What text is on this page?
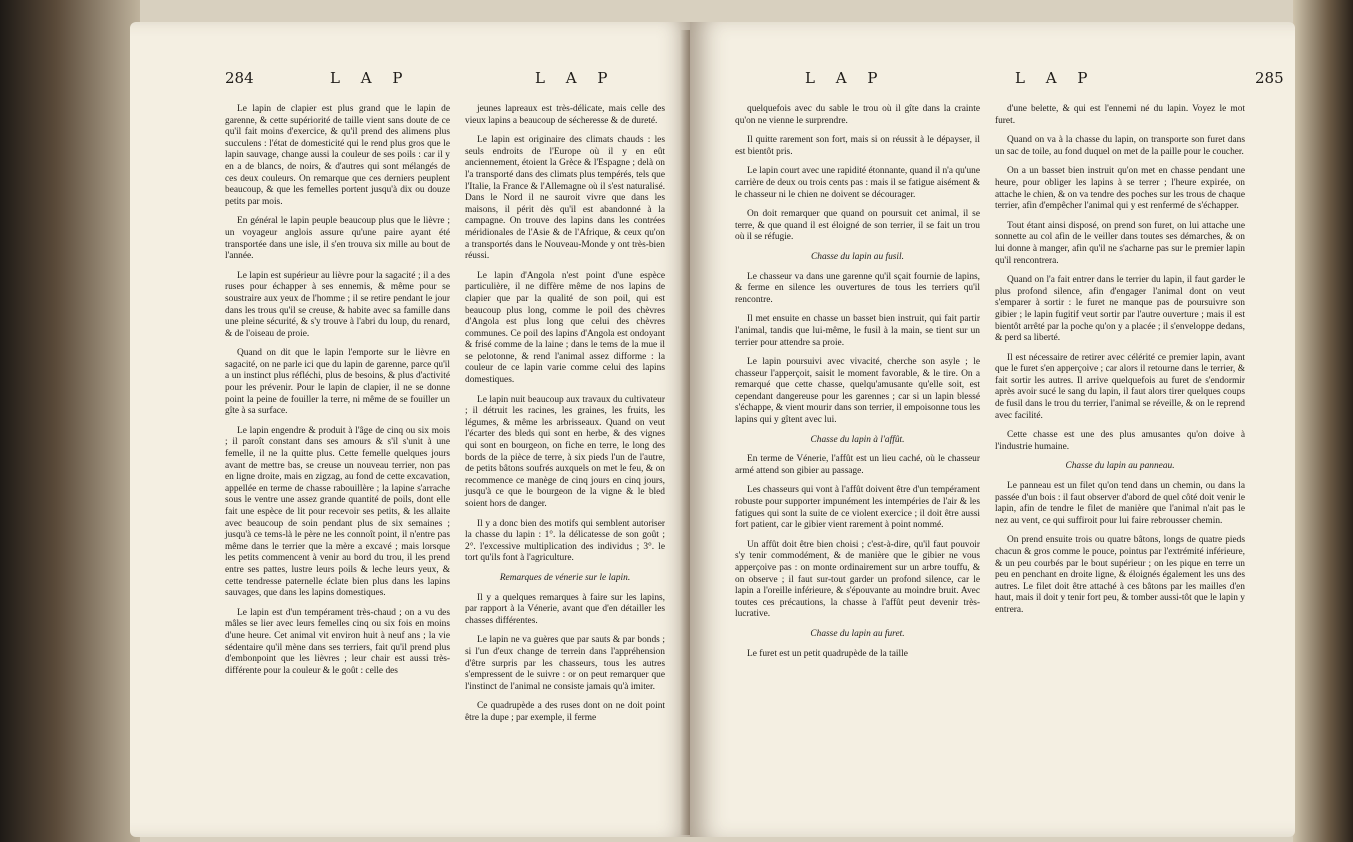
284	L A P	L A P

Le lapin de clapier est plus grand que le lapin de garenne, & cette supériorité de taille vient sans doute de ce qu'il fait moins d'exercice, & qu'il prend des alimens plus succulens : l'état de domesticité qui le rend plus gros que le lapin sauvage, change aussi la couleur de ses poils : car il y en a de blancs, de noirs, & d'autres qui sont mélangés de ces deux couleurs. On remarque que ces derniers peuplent beaucoup, & que les femelles portent jusqu'à dix ou douze petits par mois.

En général le lapin peuple beaucoup plus que le lièvre ; un voyageur anglois assure qu'une paire ayant été transportée dans une isle, il s'en trouva six mille au bout de l'année.

Le lapin est supérieur au lièvre pour la sagacité ; il a des ruses pour échapper à ses ennemis, & même pour se soustraire aux yeux de l'homme ; il se retire pendant le jour dans les trous qu'il se creuse, & habite avec sa famille dans une pleine sécurité, & s'y trouve à l'abri du loup, du renard, & de l'oiseau de proie.

Quand on dit que le lapin l'emporte sur le lièvre en sagacité, on ne parle ici que du lapin de garenne, parce qu'il a un instinct plus réfléchi, plus de besoins, & plus d'activité pour les prévenir. Pour le lapin de clapier, il ne se donne point la peine de fouiller la terre, ni même de se fouiller un gîte à sa surface.

Le lapin engendre & produit à l'âge de cinq ou six mois ; il paroît constant dans ses amours & s'il s'unit à une femelle, il ne la quitte plus. Cette femelle quelques jours avant de mettre bas, se creuse un nouveau terrier, non pas en ligne droite, mais en zigzag, au fond de cette excavation, appellée en terme de chasse rabouillère ; la lapine s'arrache sous le ventre une assez grande quantité de poils, dont elle fait une espèce de lit pour recevoir ses petits, & les allaite avec beaucoup de soin pendant plus de six semaines ; jusqu'à ce tems-là le père ne les connoît point, il n'entre pas même dans le terrier que la mère a excavé ; mais lorsque les petits commencent à venir au bord du trou, il les prend entre ses pattes, lustre leurs poils & leche leurs yeux, & cette tendresse paternelle éclate bien plus dans les lapins sauvages, que dans les lapins domestiques.

Le lapin est d'un tempérament très-chaud ; on a vu des mâles se lier avec leurs femelles cinq ou six fois en moins d'une heure. Cet animal vit environ huit à neuf ans ; la vie sédentaire qu'il mène dans ses terriers, fait qu'il prend plus d'embonpoint que les lièvres ; leur chair est aussi très-différente pour la couleur & le goût : celle des

jeunes lapreaux est très-délicate, mais celle des vieux lapins a beaucoup de sécheresse & de dureté.

Le lapin est originaire des climats chauds : les seuls endroits de l'Europe où il y en eût anciennement, étoient la Grèce & l'Espagne ; delà on l'a transporté dans des climats plus tempérés, tels que l'Italie, la France & l'Allemagne où il s'est naturalisé. Dans le Nord il ne sauroit vivre que dans les maisons, il périt dès qu'il est abandonné à la campagne. On trouve des lapins dans les contrées méridionales de l'Asie & de l'Afrique, & ceux qu'on a transportés dans le Nouveau-Monde y ont très-bien réussi.

Le lapin d'Angola n'est point d'une espèce particulière, il ne diffère même de nos lapins de clapier que par la qualité de son poil, qui est beaucoup plus long, comme le poil des chèvres d'Angola est plus long que celui des chèvres communes. Ce poil des lapins d'Angola est ondoyant & frisé comme de la laine ; dans le tems de la mue il se pelotonne, & rend l'animal assez difforme : la couleur de ce lapin varie comme celui des lapins domestiques.

Le lapin nuit beaucoup aux travaux du cultivateur ; il détruit les racines, les graines, les fruits, les légumes, & même les arbrisseaux. Quand on veut l'écarter des bleds qui sont en herbe, & des vignes qui sont en bourgeon, on fiche en terre, le long des bords de la pièce de terre, à six pieds l'un de l'autre, de petits bâtons soufrés auxquels on met le feu, & on recommence ce manège de cinq jours en cinq jours, jusqu'à ce que le bourgeon de la vigne & le bled soient hors de danger.

Il y a donc bien des motifs qui semblent autoriser la chasse du lapin : 1°. la délicatesse de son goût ; 2°. l'excessive multiplication des individus ; 3°. le tort qu'ils font à l'agriculture.

Remarques de vénerie sur le lapin.

Il y a quelques remarques à faire sur les lapins, par rapport à la Vénerie, avant que d'en détailler les chasses différentes.

Le lapin ne va guères que par sauts & par bonds ; si l'un d'eux change de terrein dans l'appréhension d'être surpris par les chasseurs, tous les autres s'empressent de le suivre : or on peut remarquer que l'instinct de l'animal ne consiste jamais qu'à imiter.

Ce quadrupède a des ruses dont on ne doit point être la dupe ; par exemple, il ferme

L A P	L A P	285

quelquefois avec du sable le trou où il gîte dans la crainte qu'on ne vienne le surprendre.

Il quitte rarement son fort, mais si on réussit à le dépayser, il est bientôt pris.

Le lapin court avec une rapidité étonnante, quand il n'a qu'une carrière de deux ou trois cents pas : mais il se fatigue aisément & le chasseur ni le chien ne doivent se décourager.

On doit remarquer que quand on poursuit cet animal, il se terre, & que quand il est éloigné de son terrier, il se fait un trou où il se réfugie.

Chasse du lapin au fusil.

Le chasseur va dans une garenne qu'il sçait fournie de lapins, & ferme en silence les ouvertures de tous les terriers qu'il rencontre.

Il met ensuite en chasse un basset bien instruit, qui fait partir l'animal, tandis que lui-même, le fusil à la main, se tient sur un terrier pour attendre sa proie.

Le lapin poursuivi avec vivacité, cherche son asyle ; le chasseur l'apperçoit, saisit le moment favorable, & le tire. On a remarqué que cette chasse, quelqu'amusante qu'elle soit, est cependant dangereuse pour les garennes ; car si un lapin blessé s'échappe, & vient mourir dans son terrier, il empoisonne tous les lapins qui y gîtent avec lui.

Chasse du lapin à l'affût.

En terme de Vénerie, l'affût est un lieu caché, où le chasseur armé attend son gibier au passage.

Les chasseurs qui vont à l'affût doivent être d'un tempérament robuste pour supporter impunément les intempéries de l'air & les fatigues qui sont la suite de ce violent exercice ; il doit être aussi fort patient, car le gibier vient rarement à point nommé.

Un affût doit être bien choisi ; c'est-à-dire, qu'il faut pouvoir s'y tenir commodément, & de manière que le gibier ne vous apperçoive pas : on monte ordinairement sur un arbre touffu, & on observe ; il faut sur-tout garder un profond silence, car le lapin a l'oreille inférieure, & s'épouvante au moindre bruit. Avec toutes ces précautions, la chasse à l'affût peut devenir très-lucrative.

Chasse du lapin au furet.

Le furet est un petit quadrupède de la taille

d'une belette, & qui est l'ennemi né du lapin. Voyez le mot furet.

Quand on va à la chasse du lapin, on transporte son furet dans un sac de toile, au fond duquel on met de la paille pour le coucher.

On a un basset bien instruit qu'on met en chasse pendant une heure, pour obliger les lapins à se terrer ; l'heure expirée, on attache le chien, & on va tendre des poches sur les trous de chaque terrier, afin d'empêcher l'animal qui y est renfermé de s'échapper.

Tout étant ainsi disposé, on prend son furet, on lui attache une sonnette au col afin de le veiller dans toutes ses démarches, & on lui donne à manger, afin qu'il ne s'acharne pas sur le premier lapin qu'il rencontrera.

Quand on l'a fait entrer dans le terrier du lapin, il faut garder le plus profond silence, afin d'engager l'animal dont on veut s'emparer à sortir : le furet ne manque pas de poursuivre son gibier ; le lapin fugitif veut sortir par l'autre ouverture ; mais il est bientôt arrêté par la poche qu'on y a placée ; il s'enveloppe dedans, & perd sa liberté.

Il est nécessaire de retirer avec célérité ce premier lapin, avant que le furet s'en apperçoive ; car alors il retourne dans le terrier, & fait sortir les autres. Il arrive quelquefois au furet de s'endormir après avoir sucé le sang du lapin, il faut alors tirer quelques coups de fusil dans le trou du terrier, l'animal se réveille, & on le reprend avec facilité.

Cette chasse est une des plus amusantes qu'on doive à l'industrie humaine.

Chasse du lapin au panneau.

Le panneau est un filet qu'on tend dans un chemin, ou dans la passée d'un bois : il faut observer d'abord de quel côté doit venir le lapin, afin de tendre le filet de manière que l'animal n'ait pas le nez au vent, ce qui suffiroit pour lui faire rebrousser chemin.

On prend ensuite trois ou quatre bâtons, longs de quatre pieds chacun & gros comme le pouce, pointus par l'extrémité inférieure, & un peu courbés par le bout supérieur ; on les pique en terre un peu en penchant en droite ligne, & éloignés également les uns des autres. Le filet doit être attaché à ces bâtons par les mailles d'en haut, mais il doit y tenir fort peu, & tomber aussi-tôt que le lapin y entrera.
